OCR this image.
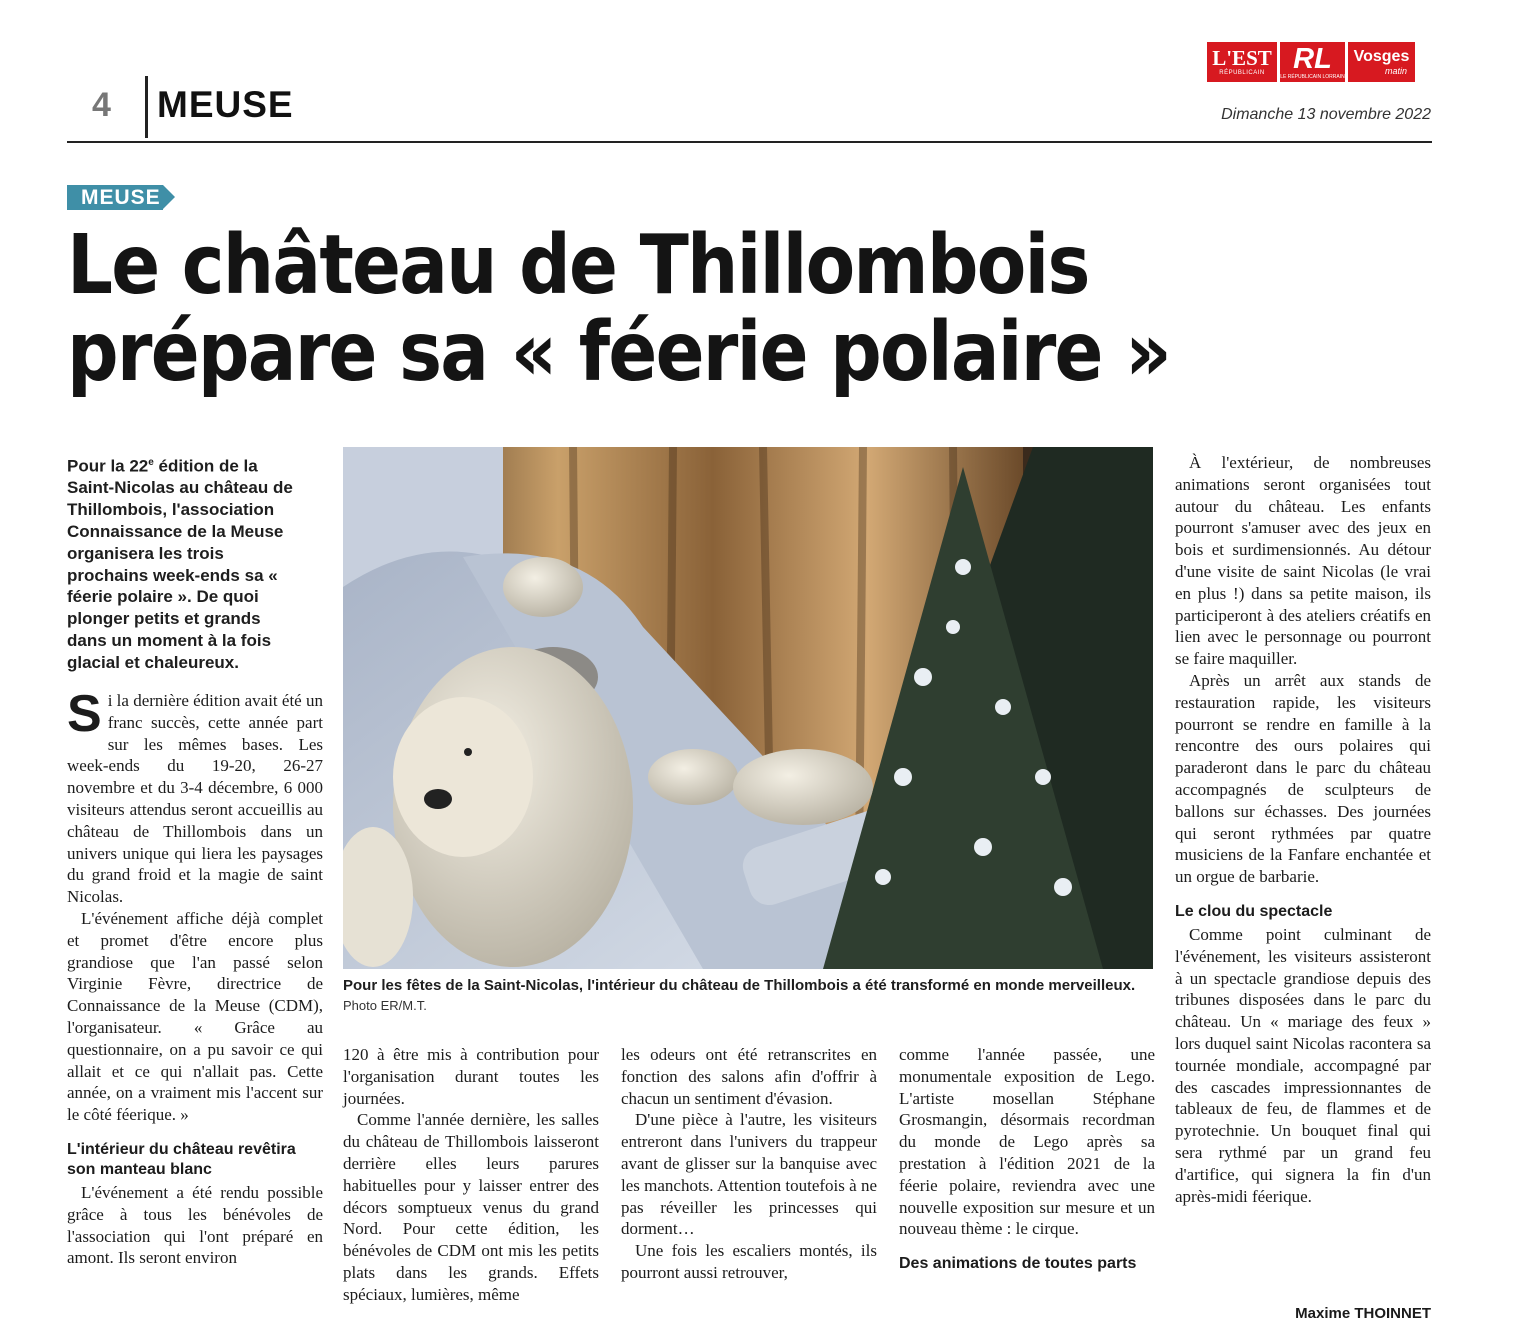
4 MEUSE	Dimanche 13 novembre 2022
L'EST
RÉPUBLICAIN RL
LE RÉPUBLICAIN LORRAIN
Vosges
matin
MEUSE
Le château de Thillombois
prépare sa « féerie polaire »
Pour la 22e édition de la Saint-Nicolas au château de Thillombois, l'association Connaissance de la Meuse organisera les trois prochains week-ends sa « féerie polaire ». De quoi plonger petits et grands dans un moment à la fois glacial et chaleureux.

Si la dernière édition avait été un franc succès, cette année part sur les mêmes bases. Les week-ends du 19-20, 26-27 novembre et du 3-4 décembre, 6 000 visiteurs attendus seront accueillis au château de Thillombois dans un univers unique qui liera les paysages du grand froid et la magie de saint Nicolas.

L'événement affiche déjà complet et promet d'être encore plus grandiose que l'an passé selon Virginie Fèvre, directrice de Connaissance de la Meuse (CDM), l'organisateur. « Grâce au questionnaire, on a pu savoir ce qui allait et ce qui n'allait pas. Cette année, on a vraiment mis l'accent sur le côté féerique. »

L'intérieur du château revêtira son manteau blanc

L'événement a été rendu possible grâce à tous les bénévoles de l'association qui l'ont préparé en amont. Ils seront environ

Pour les fêtes de la Saint-Nicolas, l'intérieur du château de Thillombois a été transformé en monde merveilleux. Photo ER/M.T.

120 à être mis à contribution pour l'organisation durant toutes les journées.

Comme l'année dernière, les salles du château de Thillombois laisseront derrière elles leurs parures habituelles pour y laisser entrer des décors somptueux venus du grand Nord. Pour cette édition, les bénévoles de CDM ont mis les petits plats dans les grands. Effets spéciaux, lumières, même

les odeurs ont été retranscrites en fonction des salons afin d'offrir à chacun un sentiment d'évasion.

D'une pièce à l'autre, les visiteurs entreront dans l'univers du trappeur avant de glisser sur la banquise avec les manchots. Attention toutefois à ne pas réveiller les princesses qui dorment…

Une fois les escaliers montés, ils pourront aussi retrouver,

comme l'année passée, une monumentale exposition de Lego. L'artiste mosellan Stéphane Grosmangin, désormais recordman du monde de Lego après sa prestation à l'édition 2021 de la féerie polaire, reviendra avec une nouvelle exposition sur mesure et un nouveau thème : le cirque.

Des animations de toutes parts

À l'extérieur, de nombreuses animations seront organisées tout autour du château. Les enfants pourront s'amuser avec des jeux en bois et surdimensionnés. Au détour d'une visite de saint Nicolas (le vrai en plus !) dans sa petite maison, ils participeront à des ateliers créatifs en lien avec le personnage ou pourront se faire maquiller.

Après un arrêt aux stands de restauration rapide, les visiteurs pourront se rendre en famille à la rencontre des ours polaires qui paraderont dans le parc du château accompagnés de sculpteurs de ballons sur échasses. Des journées qui seront rythmées par quatre musiciens de la Fanfare enchantée et un orgue de barbarie.

Le clou du spectacle

Comme point culminant de l'événement, les visiteurs assisteront à un spectacle grandiose depuis des tribunes disposées dans le parc du château. Un « mariage des feux » lors duquel saint Nicolas racontera sa tournée mondiale, accompagné par des cascades impressionnantes de tableaux de feu, de flammes et de pyrotechnie. Un bouquet final qui sera rythmé par un grand feu d'artifice, qui signera la fin d'un après-midi féerique.

Maxime THOINNET
